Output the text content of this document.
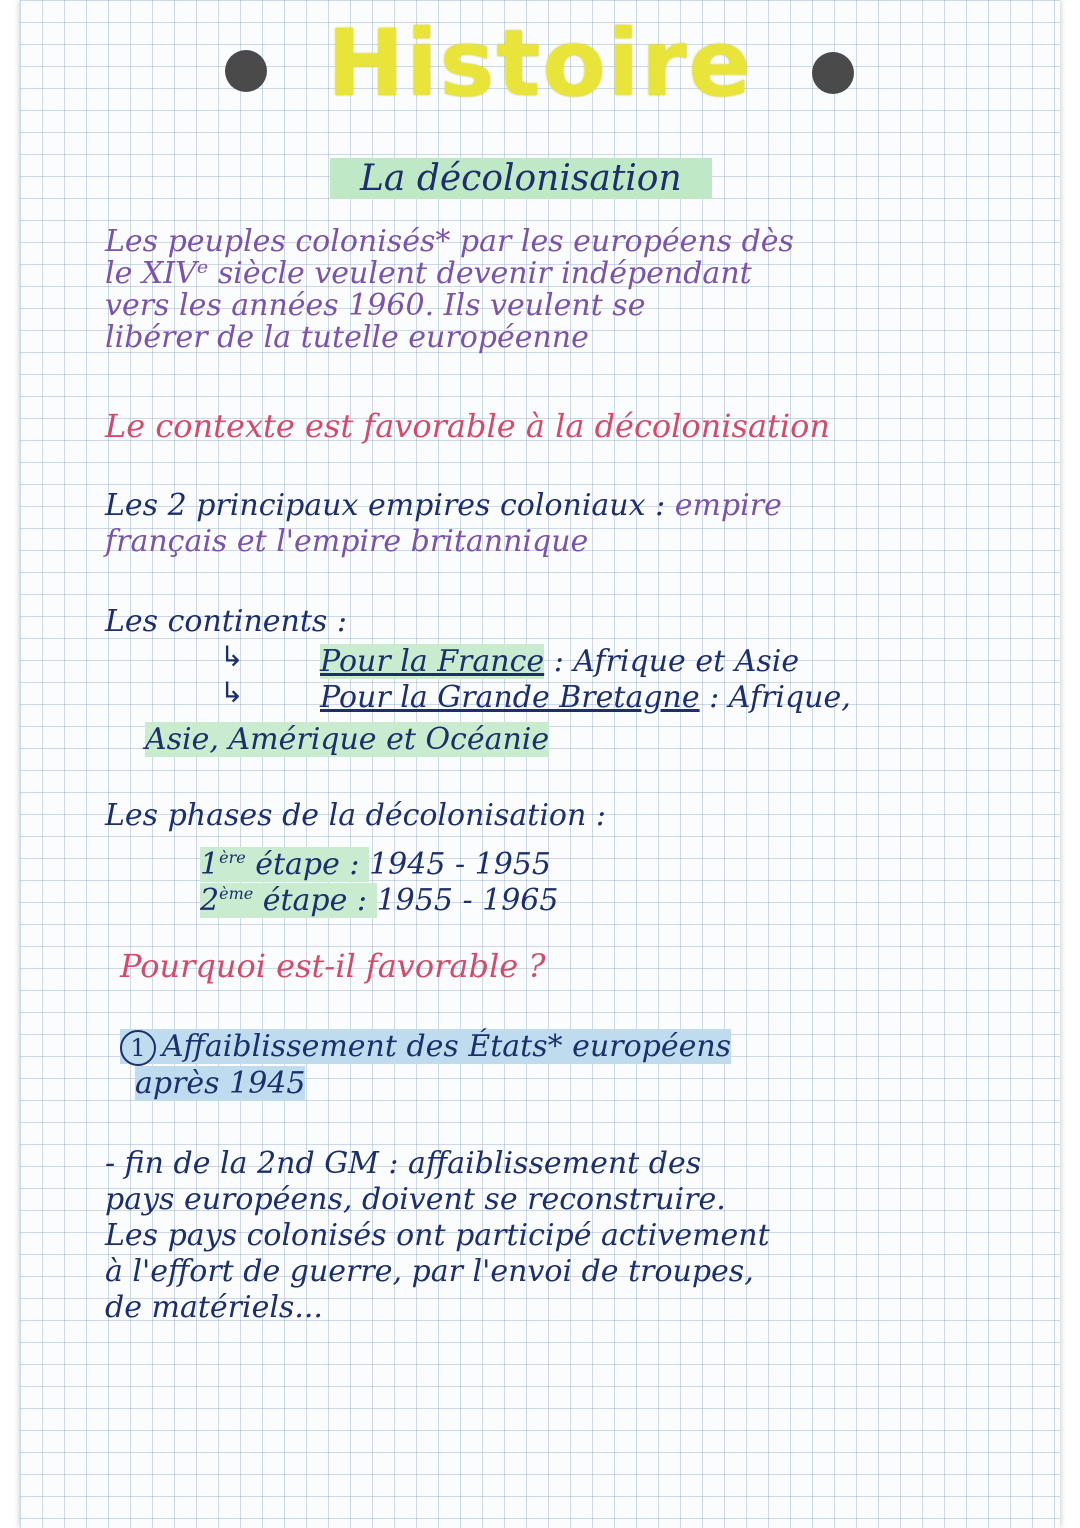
Histoire
La décolonisation
Les peuples colonisés* par les européens dès
le XIVᵉ siècle veulent devenir indépendant
vers les années 1960. Ils veulent se
libérer de la tutelle européenne
Le contexte est favorable à la décolonisation
Les 2 principaux empires coloniaux : empire
français et l'empire britannique
Les continents :
↳	Pour la France : Afrique et Asie
↳	Pour la Grande Bretagne : Afrique,
Asie, Amérique et Océanie
Les phases de la décolonisation :
1ère étape : 1945 - 1955
2ème étape : 1955 - 1965
Pourquoi est-il favorable ?
1 Affaiblissement des États* européens
après 1945
- fin de la 2nd GM : affaiblissement des
pays européens, doivent se reconstruire.
Les pays colonisés ont participé activement
à l'effort de guerre, par l'envoi de troupes,
de matériels...
